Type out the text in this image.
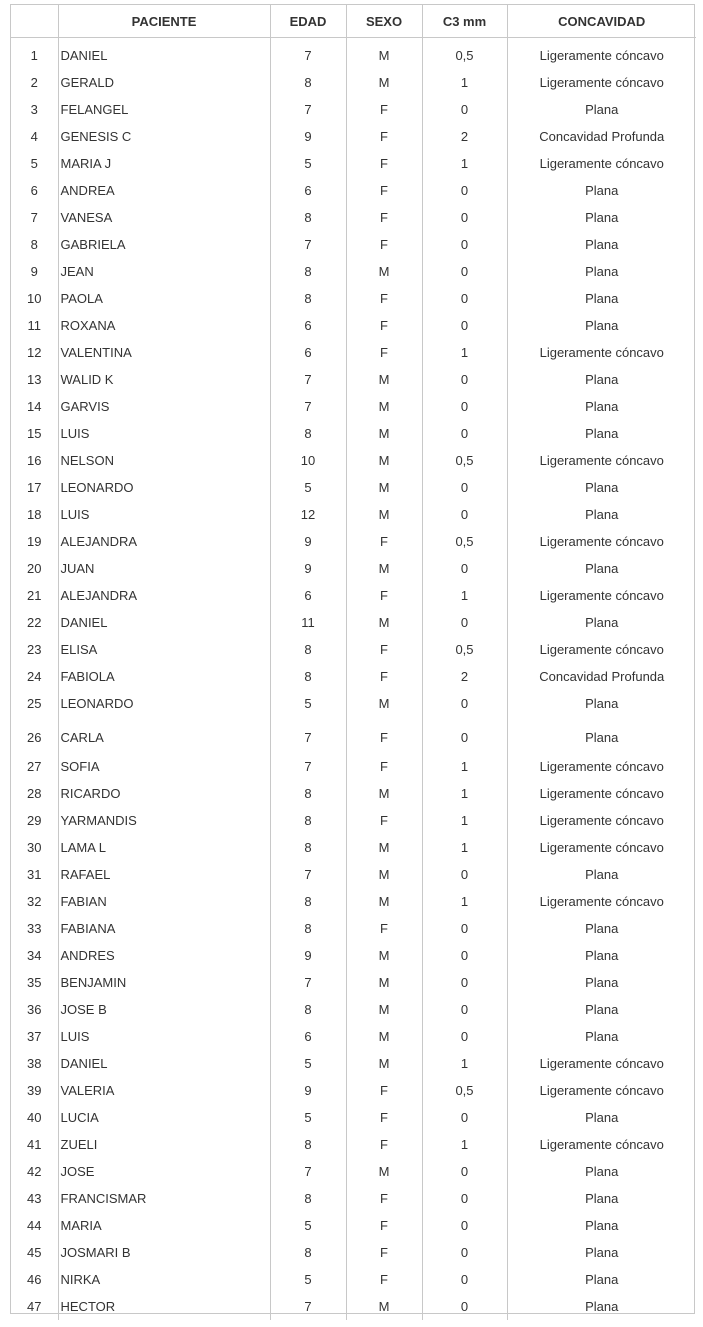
	PACIENTE	EDAD	SEXO	C3 mm	CONCAVIDAD
1	DANIEL	7	M	0,5	Ligeramente cóncavo
2	GERALD	8	M	1	Ligeramente cóncavo
3	FELANGEL	7	F	0	Plana
4	GENESIS C	9	F	2	Concavidad Profunda
5	MARIA J	5	F	1	Ligeramente cóncavo
6	ANDREA	6	F	0	Plana
7	VANESA	8	F	0	Plana
8	GABRIELA	7	F	0	Plana
9	JEAN	8	M	0	Plana
10	PAOLA	8	F	0	Plana
11	ROXANA	6	F	0	Plana
12	VALENTINA	6	F	1	Ligeramente cóncavo
13	WALID K	7	M	0	Plana
14	GARVIS	7	M	0	Plana
15	LUIS	8	M	0	Plana
16	NELSON	10	M	0,5	Ligeramente cóncavo
17	LEONARDO	5	M	0	Plana
18	LUIS	12	M	0	Plana
19	ALEJANDRA	9	F	0,5	Ligeramente cóncavo
20	JUAN	9	M	0	Plana
21	ALEJANDRA	6	F	1	Ligeramente cóncavo
22	DANIEL	11	M	0	Plana
23	ELISA	8	F	0,5	Ligeramente cóncavo
24	FABIOLA	8	F	2	Concavidad Profunda
25	LEONARDO	5	M	0	Plana
26	CARLA	7	F	0	Plana
27	SOFIA	7	F	1	Ligeramente cóncavo
28	RICARDO	8	M	1	Ligeramente cóncavo
29	YARMANDIS	8	F	1	Ligeramente cóncavo
30	LAMA L	8	M	1	Ligeramente cóncavo
31	RAFAEL	7	M	0	Plana
32	FABIAN	8	M	1	Ligeramente cóncavo
33	FABIANA	8	F	0	Plana
34	ANDRES	9	M	0	Plana
35	BENJAMIN	7	M	0	Plana
36	JOSE B	8	M	0	Plana
37	LUIS	6	M	0	Plana
38	DANIEL	5	M	1	Ligeramente cóncavo
39	VALERIA	9	F	0,5	Ligeramente cóncavo
40	LUCIA	5	F	0	Plana
41	ZUELI	8	F	1	Ligeramente cóncavo
42	JOSE	7	M	0	Plana
43	FRANCISMAR	8	F	0	Plana
44	MARIA	5	F	0	Plana
45	JOSMARI B	8	F	0	Plana
46	NIRKA	5	F	0	Plana
47	HECTOR	7	M	0	Plana
